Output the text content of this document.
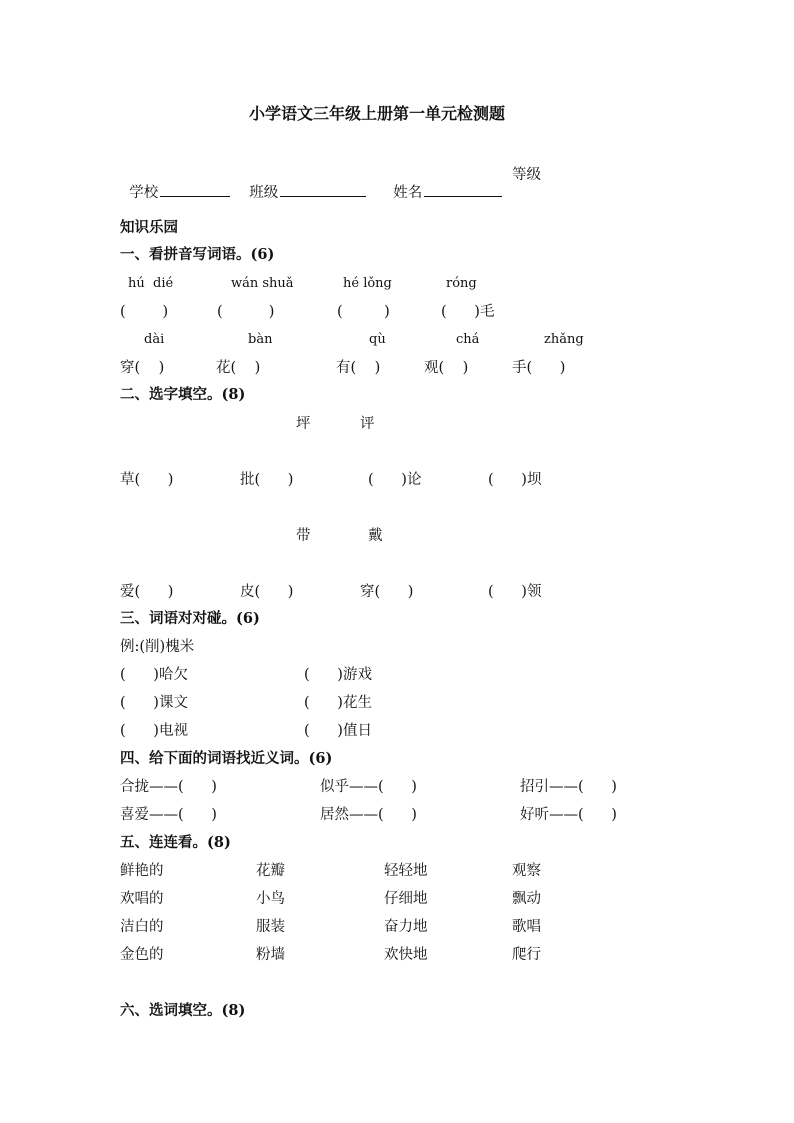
小学语文三年级上册第一单元检测题

学校	班级	姓名

等级
知识乐园
一、看拼音写词语。(6)
hú  dié	wán shuǎ	hé lǒng	róng
(        )	(          )	(         )	(      )毛
dài	bàn	qù	chá	zhǎng
穿(    )	花(    )	有(    )	观(    )	手(      )
二、选字填空。(8)
坪	评
草(      )	批(      )	(      )论	(      )坝
带	戴
爱(      )	皮(      )	穿(      )	(      )领
三、词语对对碰。(6)
例:(削)槐米
(      )哈欠	(      )游戏
(      )课文	(      )花生
(      )电视	(      )值日
四、给下面的词语找近义词。(6)
合拢——(      )	似乎——(      )	招引——(      )
喜爱——(      )	居然——(      )	好听——(      )
五、连连看。(8)
鲜艳的	花瓣	轻轻地	观察
欢唱的	小鸟	仔细地	飘动
洁白的	服装	奋力地	歌唱
金色的	粉墙	欢快地	爬行
六、选词填空。(8)
